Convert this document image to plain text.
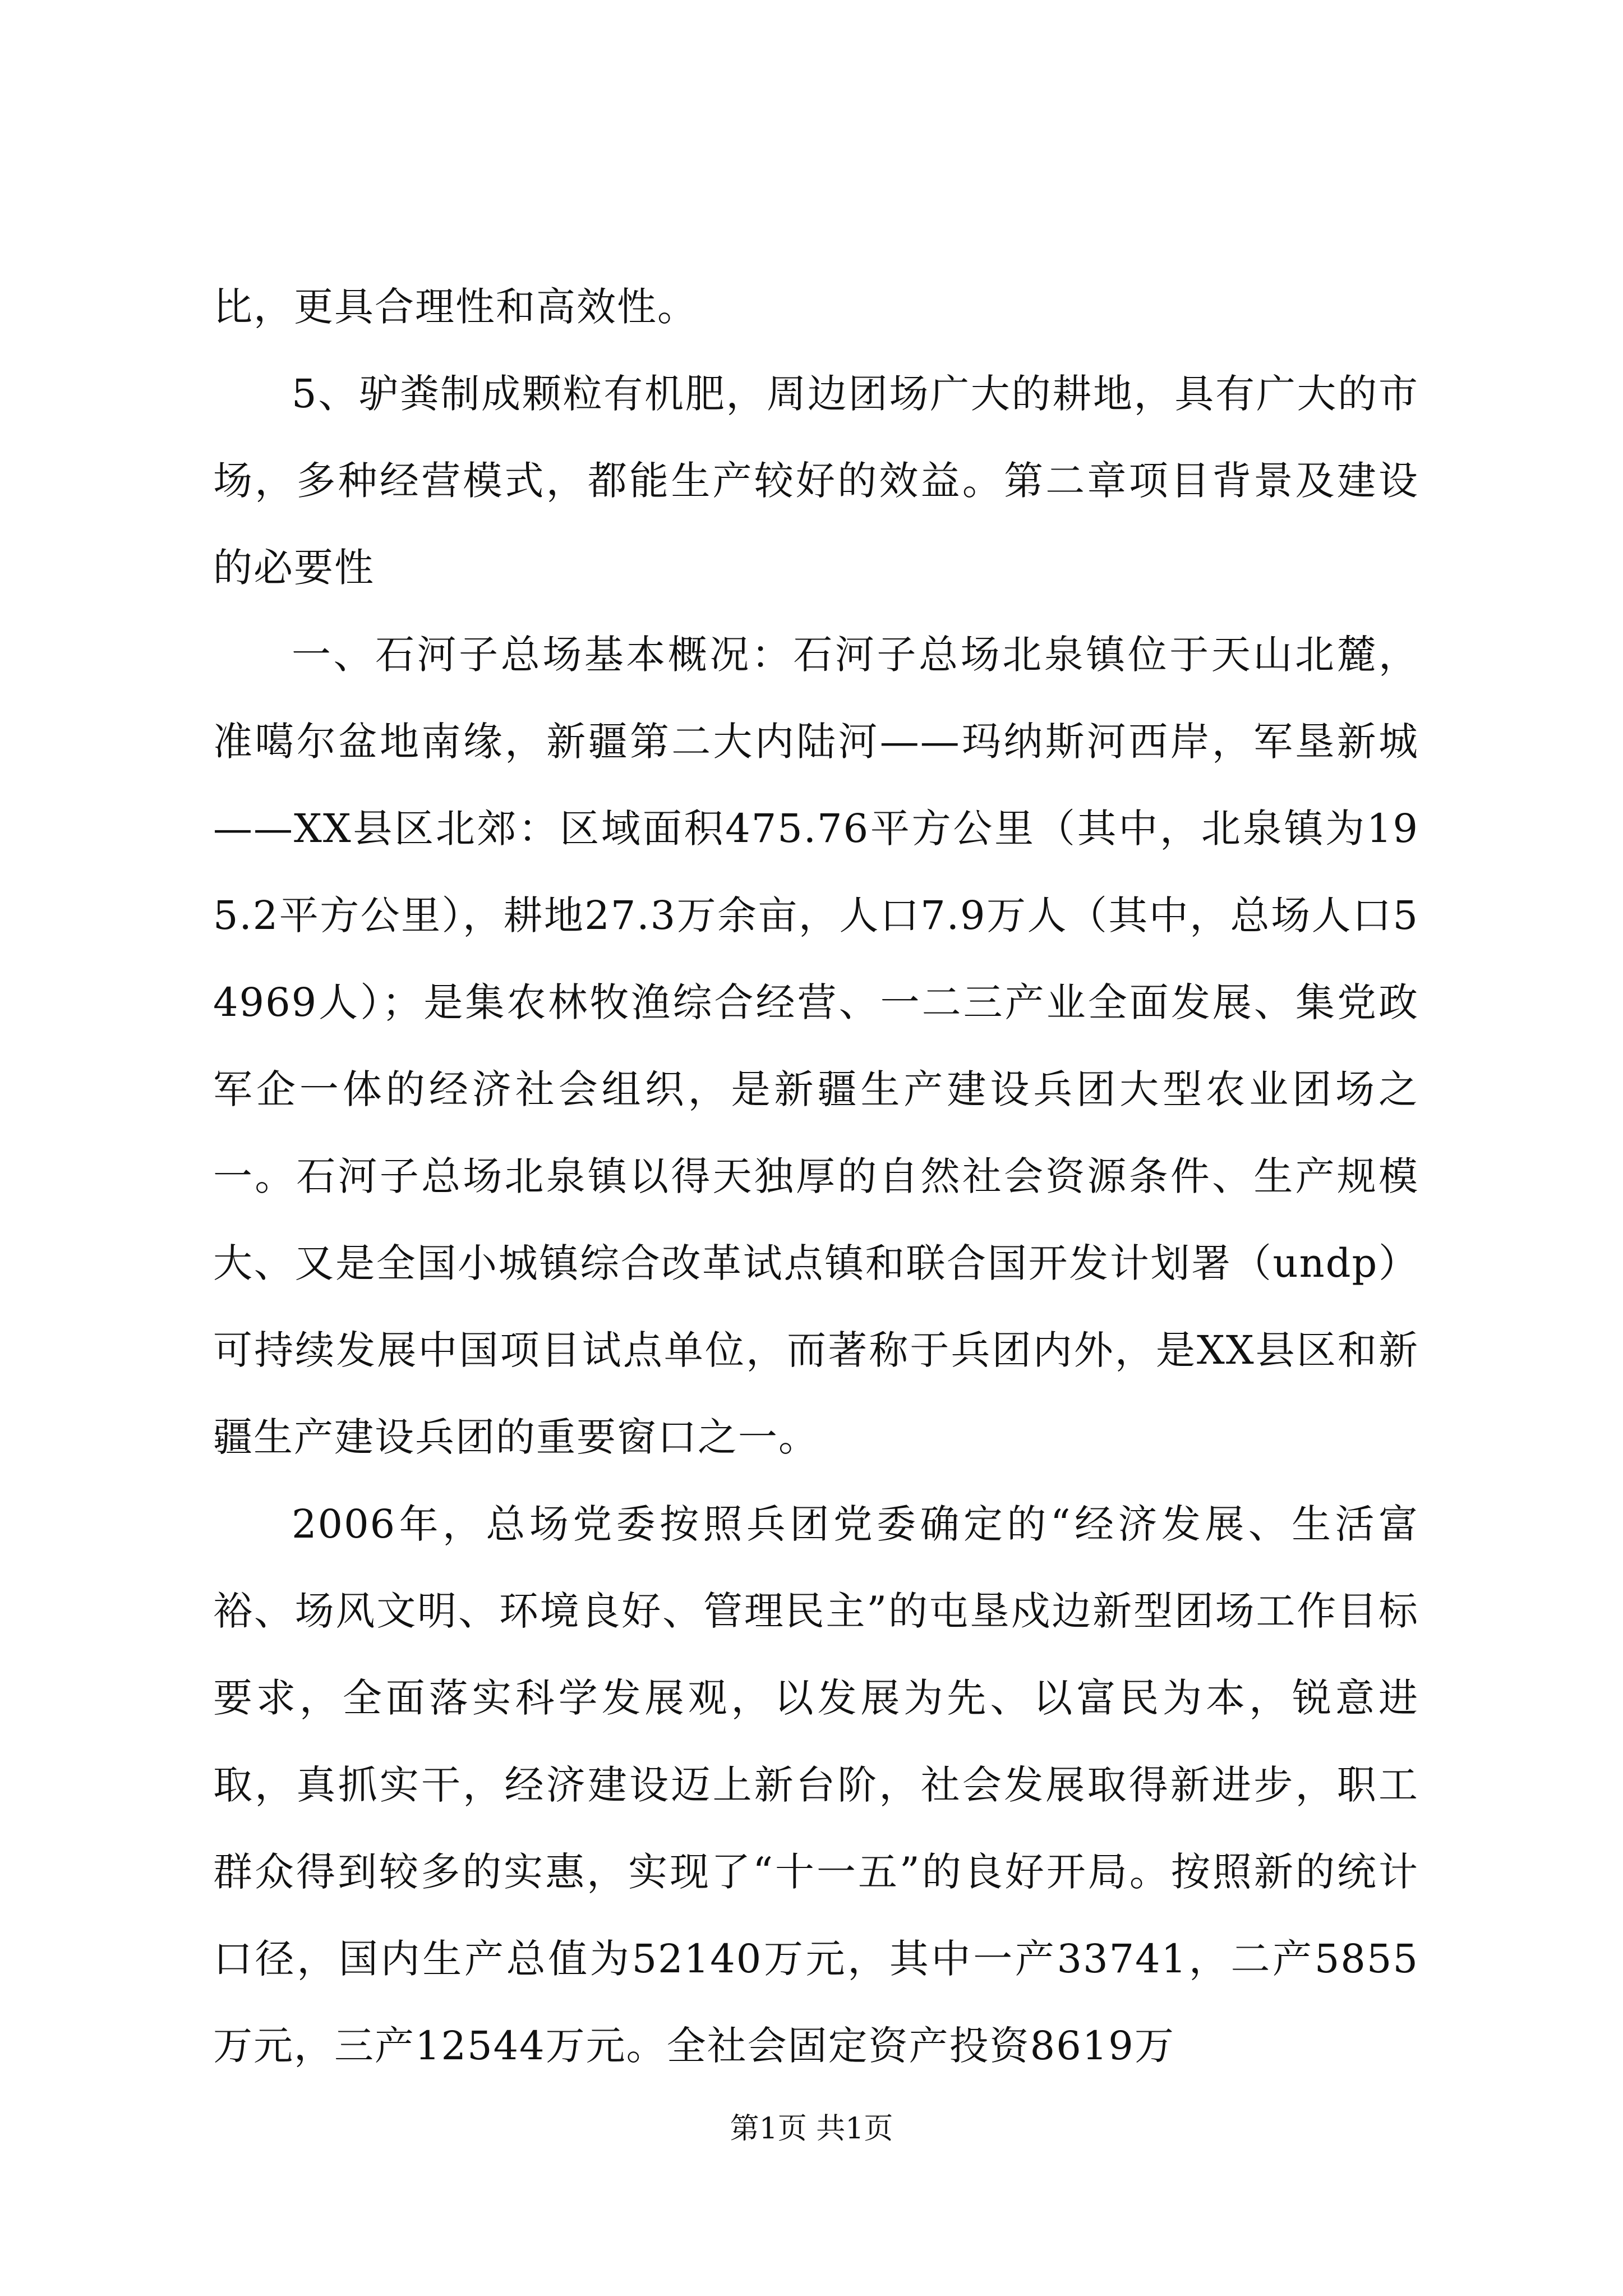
比，更具合理性和高效性。

5、驴粪制成颗粒有机肥，周边团场广大的耕地，具有广大的市场，多种经营模式，都能生产较好的效益。第二章项目背景及建设的必要性

一、石河子总场基本概况：石河子总场北泉镇位于天山北麓，准噶尔盆地南缘，新疆第二大内陆河——玛纳斯河西岸，军垦新城——XX县区北郊：区域面积475.76平方公里（其中，北泉镇为195.2平方公里），耕地27.3万余亩，人口7.9万人（其中，总场人口54969人）；是集农林牧渔综合经营、一二三产业全面发展、集党政军企一体的经济社会组织，是新疆生产建设兵团大型农业团场之一。石河子总场北泉镇以得天独厚的自然社会资源条件、生产规模大、又是全国小城镇综合改革试点镇和联合国开发计划署（undp）可持续发展中国项目试点单位，而著称于兵团内外，是XX县区和新疆生产建设兵团的重要窗口之一。

2006年，总场党委按照兵团党委确定的“经济发展、生活富裕、场风文明、环境良好、管理民主”的屯垦戍边新型团场工作目标要求，全面落实科学发展观，以发展为先、以富民为本，锐意进取，真抓实干，经济建设迈上新台阶，社会发展取得新进步，职工群众得到较多的实惠，实现了“十一五”的良好开局。按照新的统计口径，国内生产总值为52140万元，其中一产33741，二产5855万元，三产12544万元。全社会固定资产投资8619万

第1页 共1页
